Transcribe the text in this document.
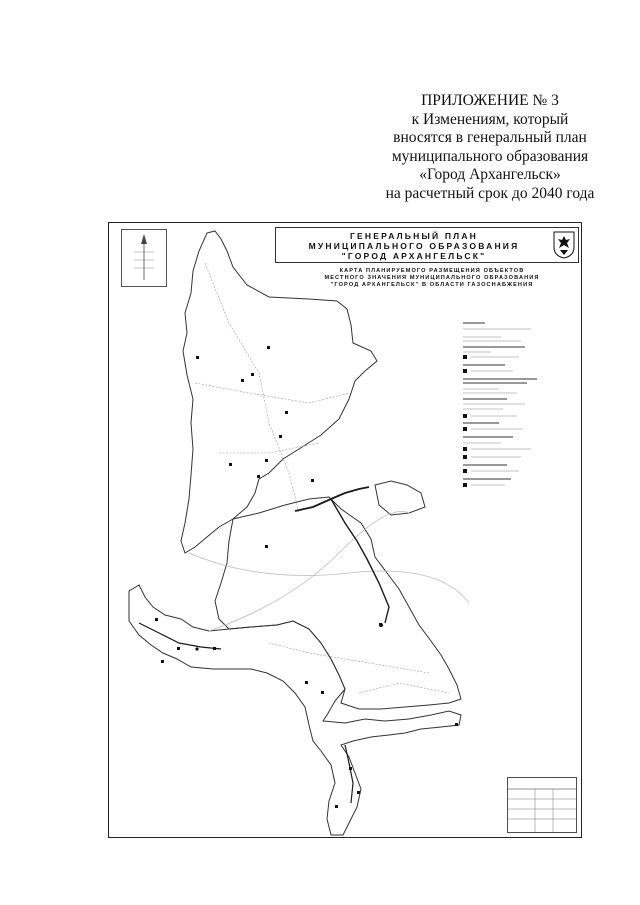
ПРИЛОЖЕНИЕ № 3
к Изменениям, который
вносятся в генеральный план
муниципального образования
«Город Архангельск»
на расчетный срок до 2040 года
ГЕНЕРАЛЬНЫЙ ПЛАН
МУНИЦИПАЛЬНОГО ОБРАЗОВАНИЯ
"ГОРОД АРХАНГЕЛЬСК"
КАРТА ПЛАНИРУЕМОГО РАЗМЕЩЕНИЯ ОБЪЕКТОВ
МЕСТНОГО ЗНАЧЕНИЯ МУНИЦИПАЛЬНОГО ОБРАЗОВАНИЯ
"ГОРОД АРХАНГЕЛЬСК" В ОБЛАСТИ ГАЗОСНАБЖЕНИЯ
